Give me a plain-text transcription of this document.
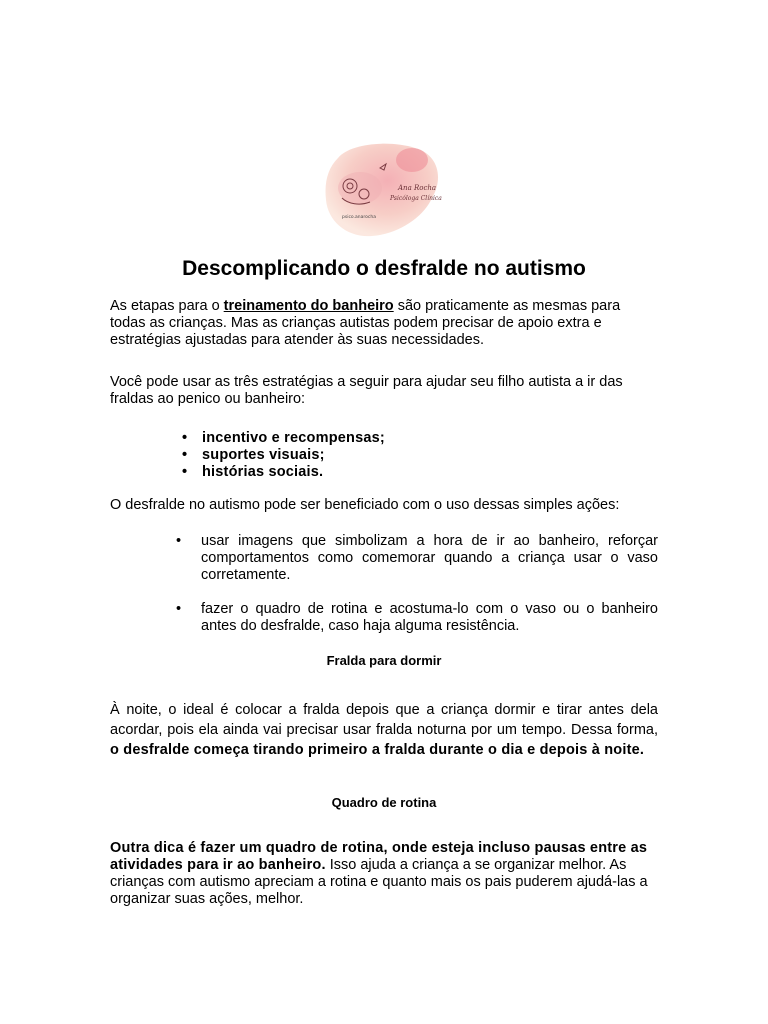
Ana Rocha
Psicóloga Clínica
psico.anarocha
Descomplicando o desfralde no autismo

As etapas para o treinamento do banheiro são praticamente as mesmas para todas as crianças. Mas as crianças autistas podem precisar de apoio extra e estratégias ajustadas para atender às suas necessidades.

Você pode usar as três estratégias a seguir para ajudar seu filho autista a ir das fraldas ao penico ou banheiro:

• incentivo e recompensas;
• suportes visuais;
• histórias sociais.

O desfralde no autismo pode ser beneficiado com o uso dessas simples ações:

• usar imagens que simbolizam a hora de ir ao banheiro, reforçar comportamentos como comemorar quando a criança usar o vaso corretamente.
• fazer o quadro de rotina e acostuma-lo com o vaso ou o banheiro antes do desfralde, caso haja alguma resistência.
Fralda para dormir

À noite, o ideal é colocar a fralda depois que a criança dormir e tirar antes dela acordar, pois ela ainda vai precisar usar fralda noturna por um tempo. Dessa forma, o desfralde começa tirando primeiro a fralda durante o dia e depois à noite.

Quadro de rotina

Outra dica é fazer um quadro de rotina, onde esteja incluso pausas entre as atividades para ir ao banheiro. Isso ajuda a criança a se organizar melhor. As crianças com autismo apreciam a rotina e quanto mais os pais puderem ajudá-las a organizar suas ações, melhor.
